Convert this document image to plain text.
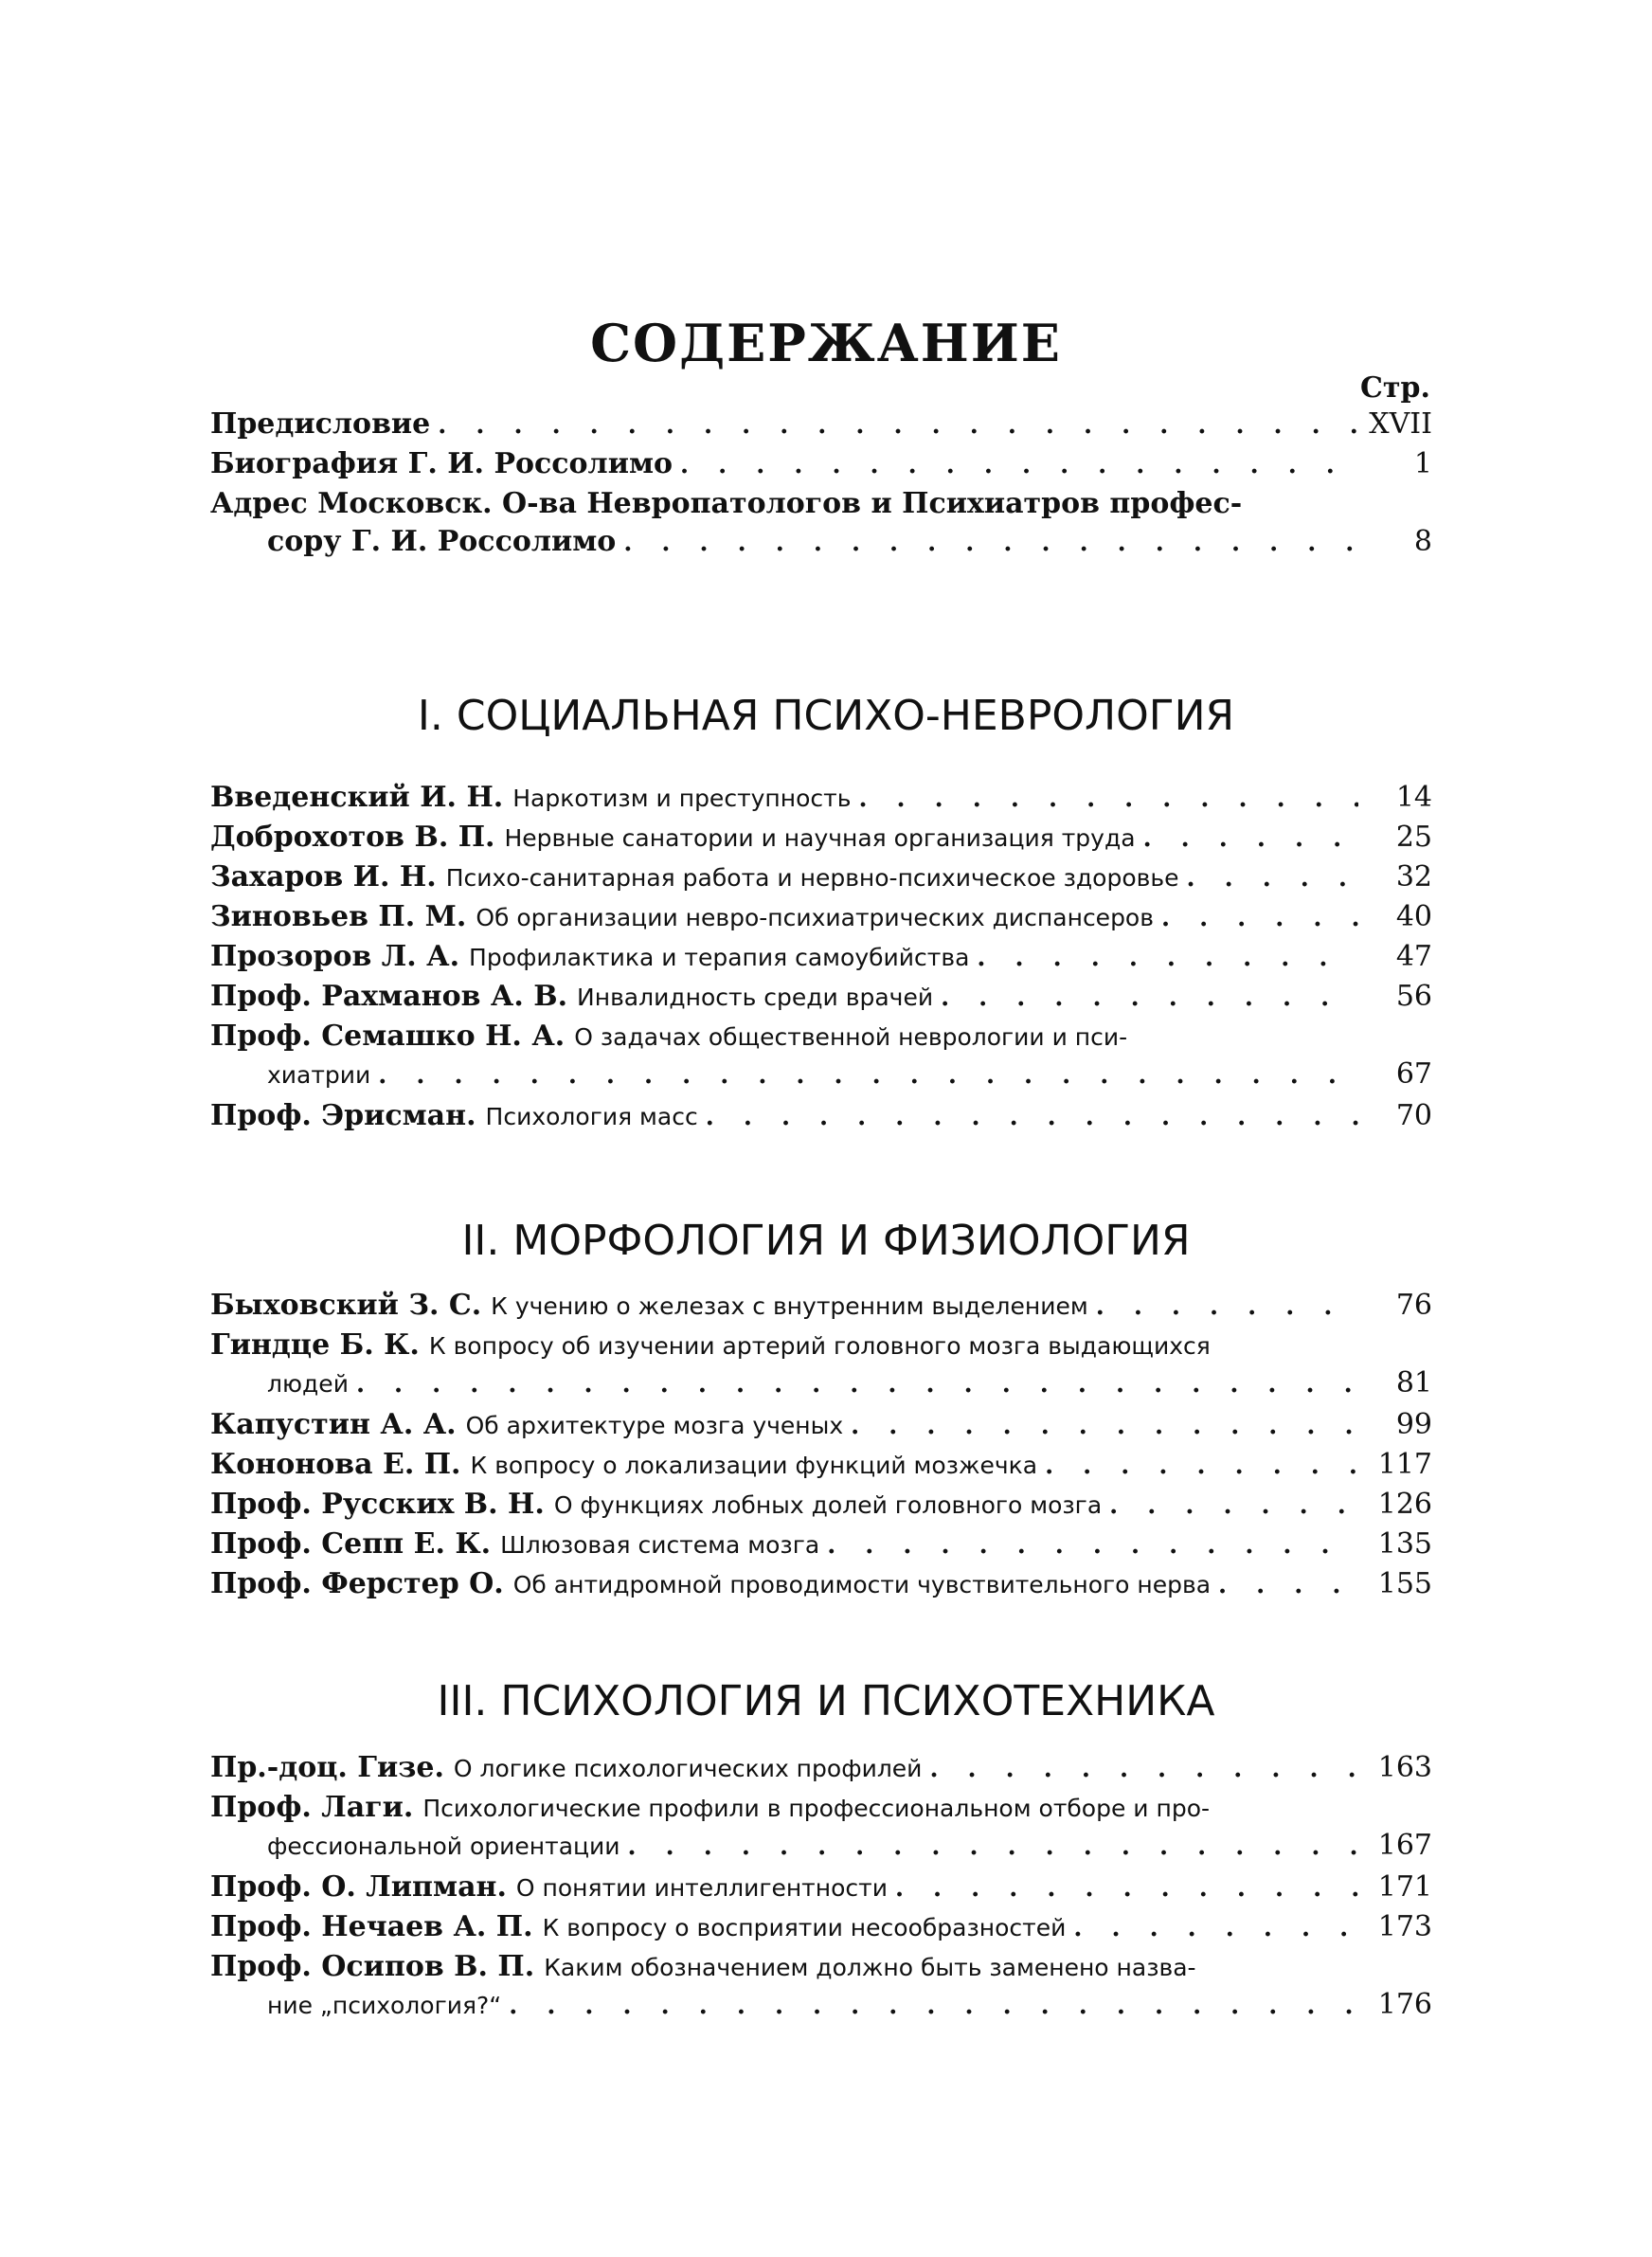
СОДЕРЖАНИЕ
Стр.
Предисловие . . .	XVII
Биография Г. И. Россолимо . . .	1
Адрес Московск. О-ва Невропатологов и Психиатров профес-
сору Г. И. Россолимо . . .	8
I. СОЦИАЛЬНАЯ ПСИХО-НЕВРОЛОГИЯ
Введенский И. Н. Наркотизм и преступность . . .	14
Доброхотов В. П. Нервные санатории и научная организация труда . . .	25
Захаров И. Н. Психо-санитарная работа и нервно-психическое здоровье . . .	32
Зиновьев П. М. Об организации невро-психиатрических диспансеров . . .	40
Прозоров Л. А. Профилактика и терапия самоубийства . . .	47
Проф. Рахманов А. В. Инвалидность среди врачей . . .	56
Проф. Семашко Н. А. О задачах общественной неврологии и пси-
хиатрии . . .	67
Проф. Эрисман. Психология масс . . .	70
II. МОРФОЛОГИЯ И ФИЗИОЛОГИЯ
Быховский З. С. К учению о железах с внутренним выделением . . .	76
Гиндце Б. К. К вопросу об изучении артерий головного мозга выдающихся
людей . . .	81
Капустин А. А. Об архитектуре мозга ученых . . .	99
Кононова Е. П. К вопросу о локализации функций мозжечка . . .	117
Проф. Русских В. Н. О функциях лобных долей головного мозга . . .	126
Проф. Сепп Е. К. Шлюзовая система мозга . . .	135
Проф. Ферстер О. Об антидромной проводимости чувствительного нерва . . .	155
III. ПСИХОЛОГИЯ И ПСИХОТЕХНИКА
Пр.-доц. Гизе. О логике психологических профилей . . .	163
Проф. Лаги. Психологические профили в профессиональном отборе и про-
фессиональной ориентации . . .	167
Проф. О. Липман. О понятии интеллигентности . . .	171
Проф. Нечаев А. П. К вопросу о восприятии несообразностей . . .	173
Проф. Осипов В. П. Каким обозначением должно быть заменено назва-
ние „психология?“ . . .	176
